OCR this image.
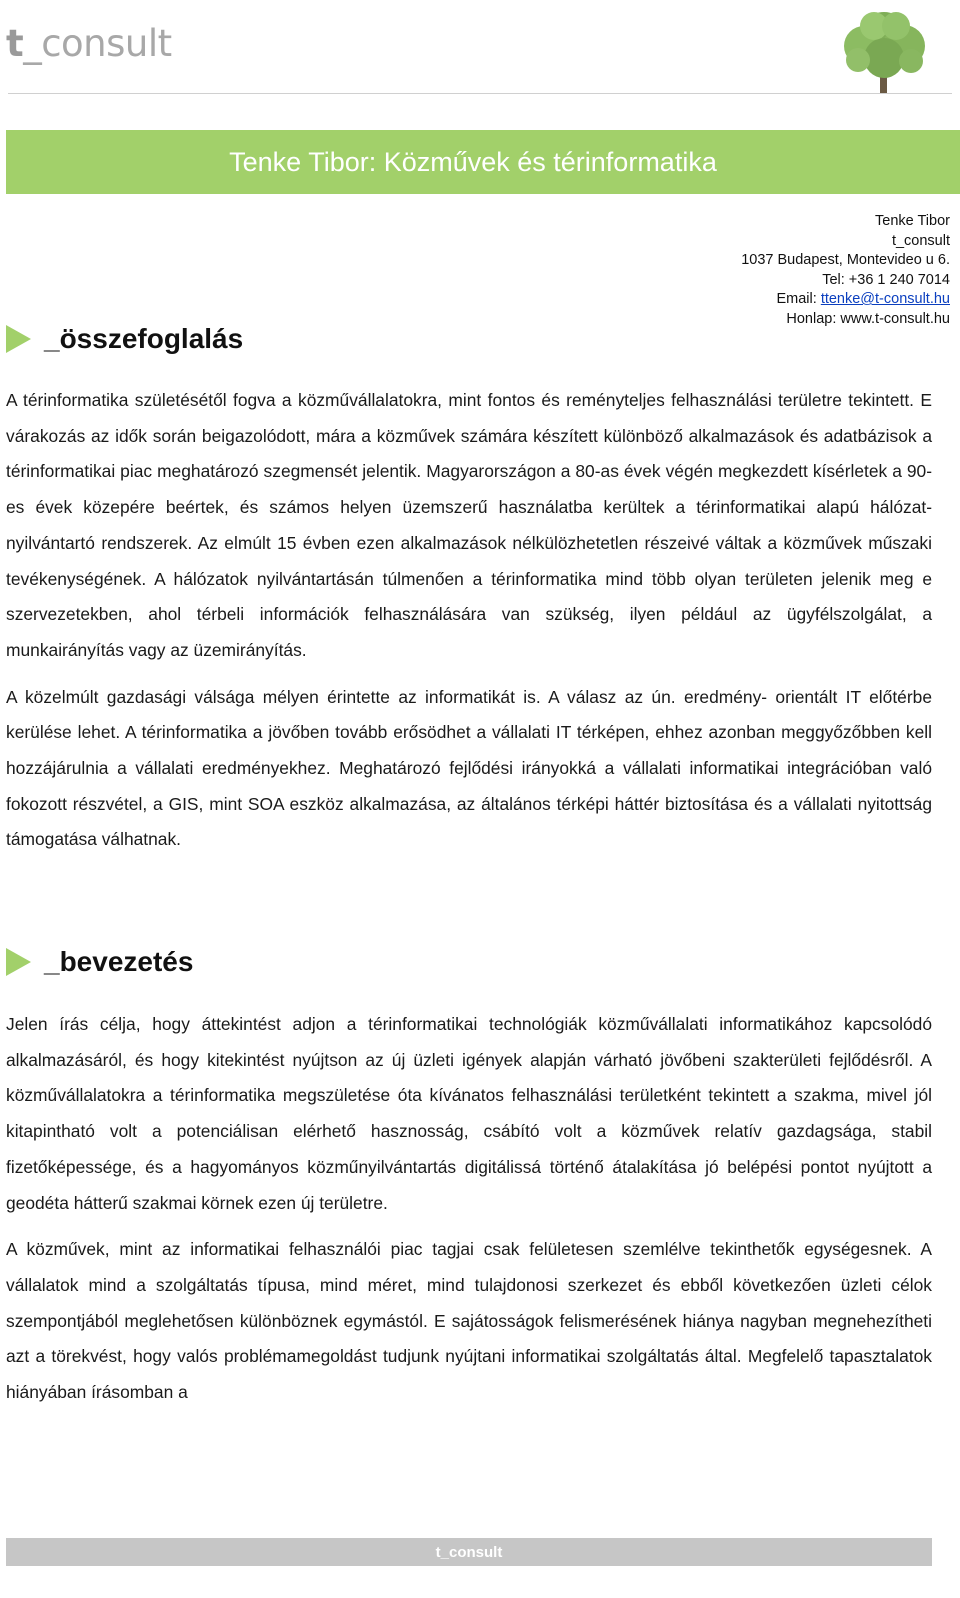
t_consult
Tenke Tibor: Közművek és térinformatika
Tenke Tibor
t_consult
1037 Budapest, Montevideo u 6.
Tel: +36 1 240 7014
Email: ttenke@t-consult.hu
Honlap: www.t-consult.hu
_összefoglalás

A térinformatika születésétől fogva a közművállalatokra, mint fontos és reményteljes felhasználási területre tekintett. E várakozás az idők során beigazolódott, mára a közművek számára készített különböző alkalmazások és adatbázisok a térinformatikai piac meghatározó szegmensét jelentik. Magyarországon a 80-as évek végén megkezdett kísérletek a 90-es évek közepére beértek, és számos helyen üzemszerű használatba kerültek a térinformatikai alapú hálózat-nyilvántartó rendszerek. Az elmúlt 15 évben ezen alkalmazások nélkülözhetetlen részeivé váltak a közművek műszaki tevékenységének. A hálózatok nyilvántartásán túlmenően a térinformatika mind több olyan területen jelenik meg e szervezetekben, ahol térbeli információk felhasználására van szükség, ilyen például az ügyfélszolgálat, a munkairányítás vagy az üzemirányítás.

A közelmúlt gazdasági válsága mélyen érintette az informatikát is. A válasz az ún. eredmény- orientált IT előtérbe kerülése lehet. A térinformatika a jövőben tovább erősödhet a vállalati IT térképen, ehhez azonban meggyőzőbben kell hozzájárulnia a vállalati eredményekhez. Meghatározó fejlődési irányokká a vállalati informatikai integrációban való fokozott részvétel, a GIS, mint SOA eszköz alkalmazása, az általános térképi háttér biztosítása és a vállalati nyitottság támogatása válhatnak.

_bevezetés

Jelen írás célja, hogy áttekintést adjon a térinformatikai technológiák közművállalati informatikához kapcsolódó alkalmazásáról, és hogy kitekintést nyújtson az új üzleti igények alapján várható jövőbeni szakterületi fejlődésről. A közművállalatokra a térinformatika megszületése óta kívánatos felhasználási területként tekintett a szakma, mivel jól kitapintható volt a potenciálisan elérhető hasznosság, csábító volt a közművek relatív gazdagsága, stabil fizetőképessége, és a hagyományos közműnyilvántartás digitálissá történő átalakítása jó belépési pontot nyújtott a geodéta hátterű szakmai körnek ezen új területre.

A közművek, mint az informatikai felhasználói piac tagjai csak felületesen szemlélve tekinthetők egységesnek. A vállalatok mind a szolgáltatás típusa, mind méret, mind tulajdonosi szerkezet és ebből következően üzleti célok szempontjából meglehetősen különböznek egymástól. E sajátosságok felismerésének hiánya nagyban megnehezítheti azt a törekvést, hogy valós problémamegoldást tudjunk nyújtani informatikai szolgáltatás által. Megfelelő tapasztalatok hiányában írásomban a

t_consult
